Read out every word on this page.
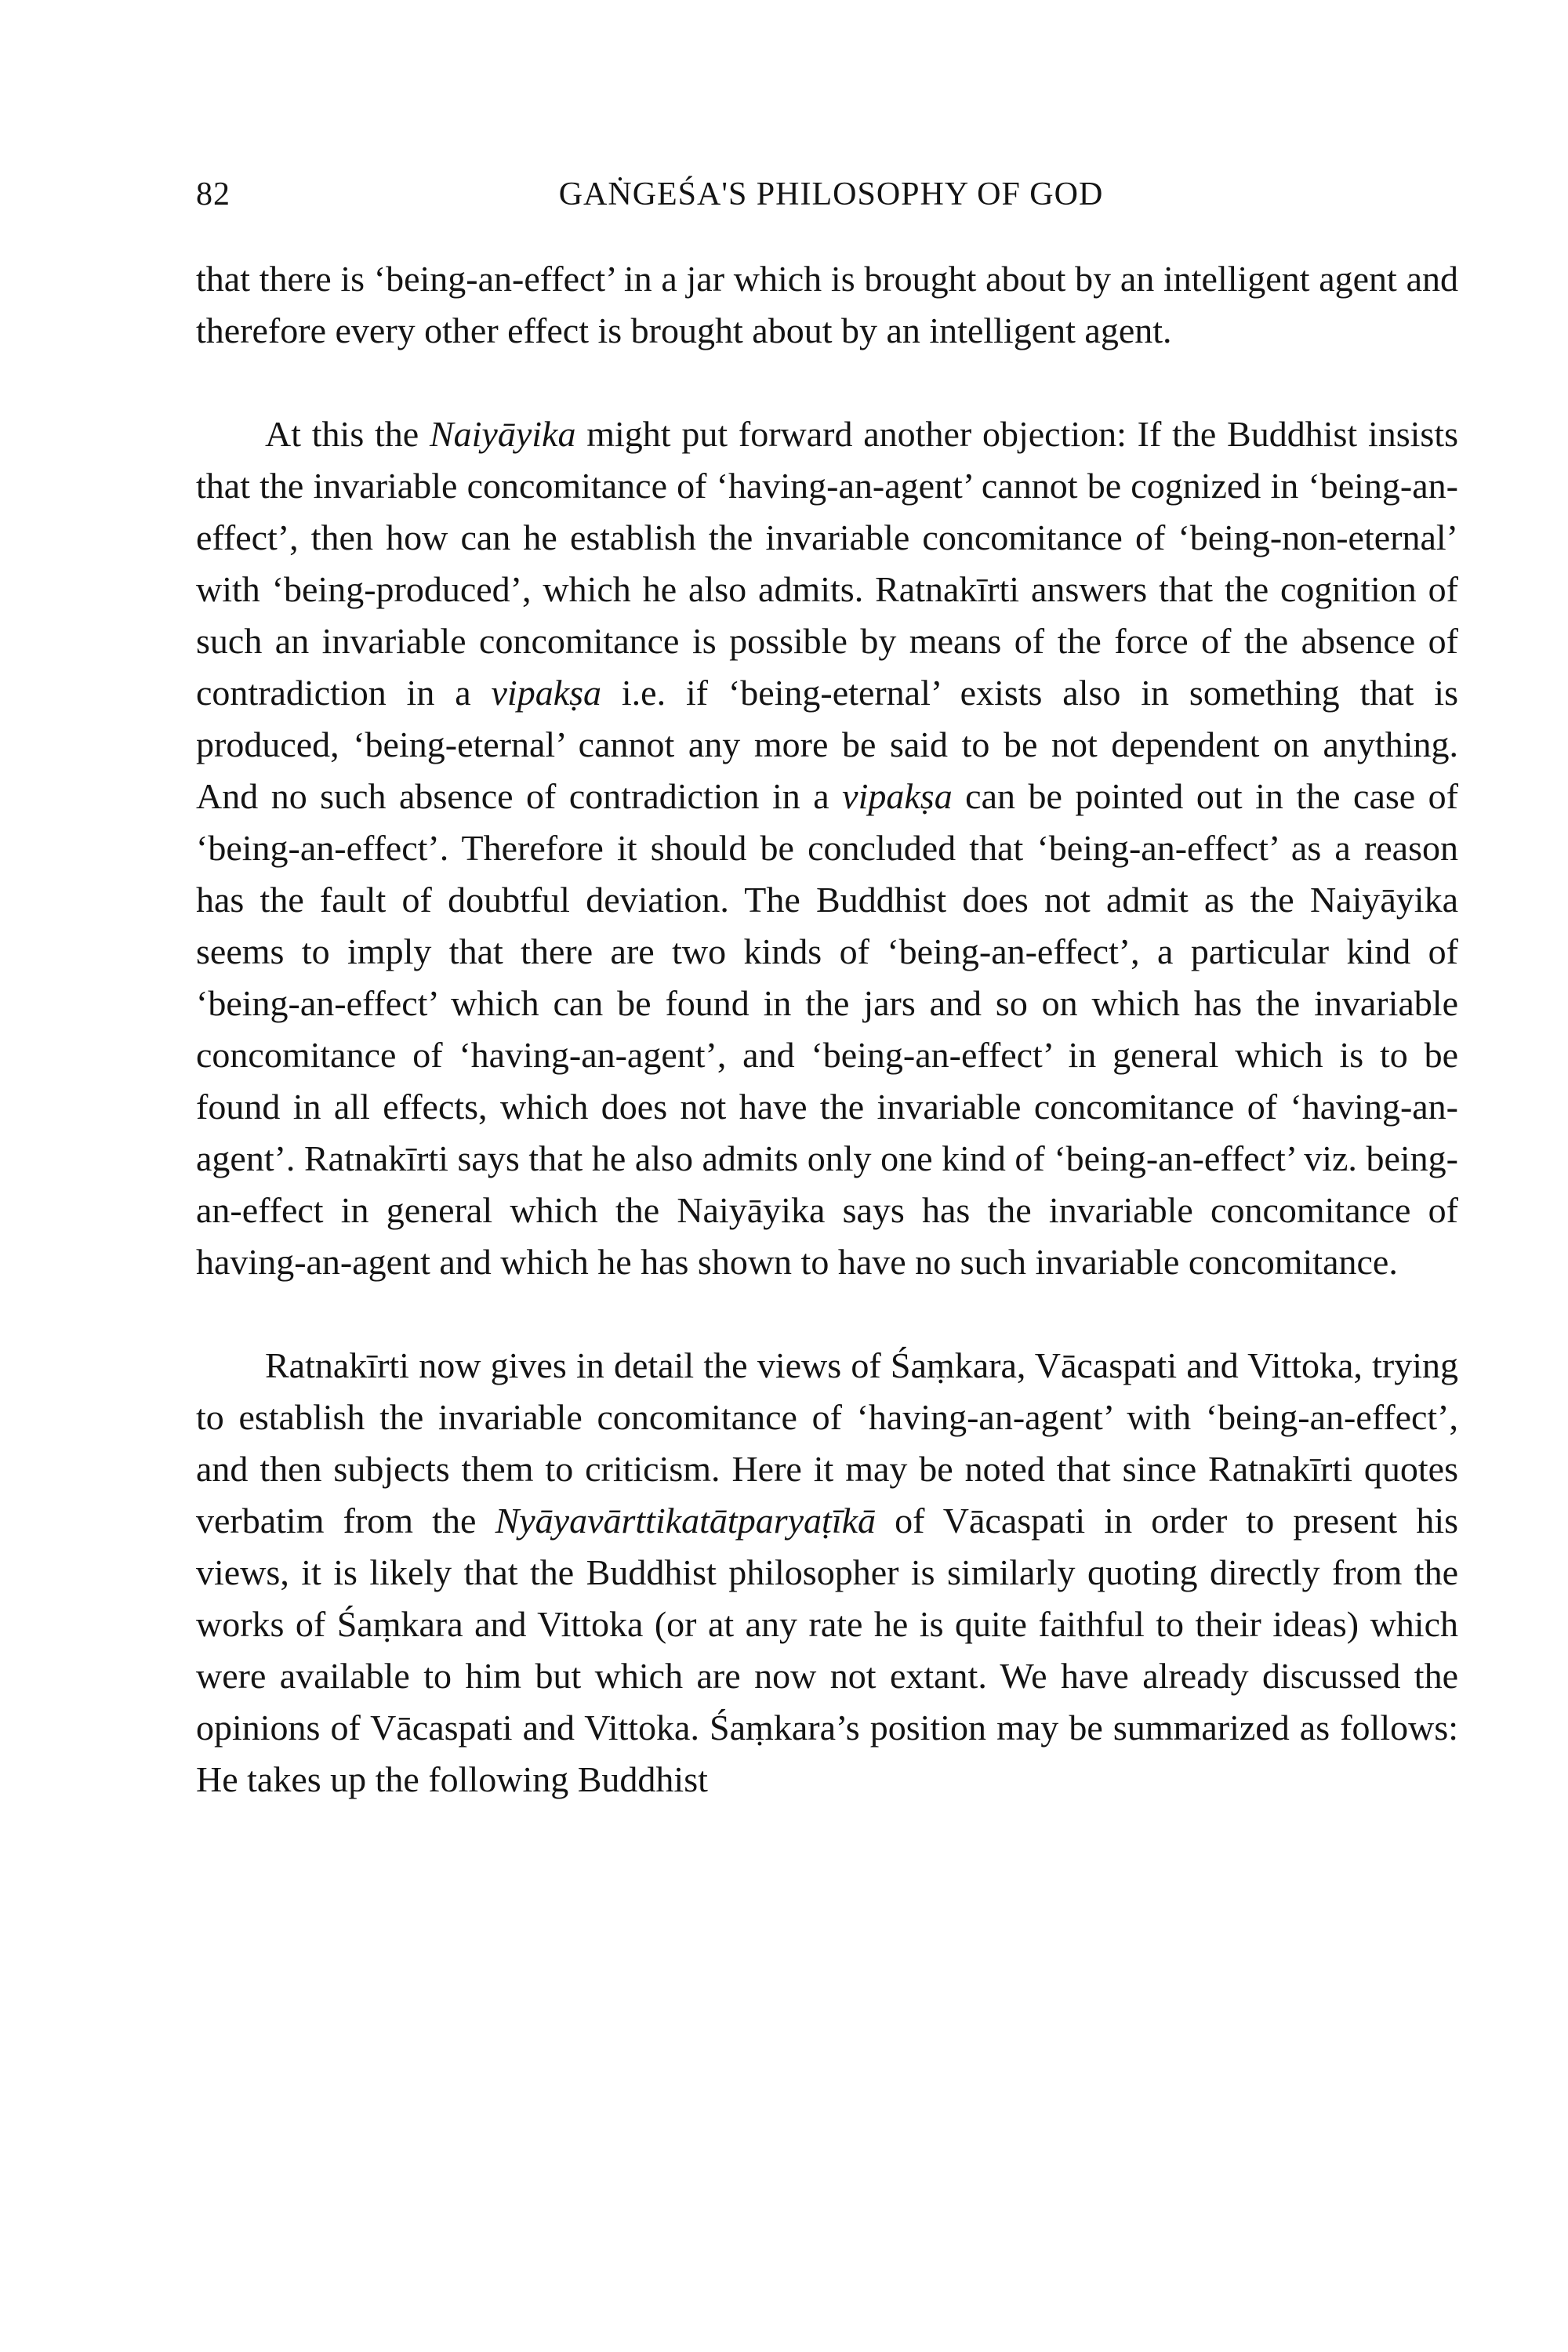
82	GAṄGEŚA'S PHILOSOPHY OF GOD

that there is ‘being-an-effect’ in a jar which is brought about by an intelligent agent and therefore every other effect is brought about by an intelligent agent.

At this the Naiyāyika might put forward another objection: If the Buddhist insists that the invariable concomitance of ‘having-an-agent’ cannot be cognized in ‘being-an-effect’, then how can he establish the invariable concomitance of ‘being-non-eternal’ with ‘being-produced’, which he also admits. Ratnakīrti answers that the cognition of such an invariable concomitance is possible by means of the force of the absence of contradiction in a vipakṣa i.e. if ‘being-eternal’ exists also in something that is produced, ‘being-eternal’ cannot any more be said to be not dependent on anything. And no such absence of contradiction in a vipakṣa can be pointed out in the case of ‘being-an-effect’. Therefore it should be concluded that ‘being-an-effect’ as a reason has the fault of doubtful deviation. The Buddhist does not admit as the Naiyāyika seems to imply that there are two kinds of ‘being-an-effect’, a particular kind of ‘being-an-effect’ which can be found in the jars and so on which has the invariable concomitance of ‘having-an-agent’, and ‘being-an-effect’ in general which is to be found in all effects, which does not have the invariable concomitance of ‘having-an-agent’. Ratnakīrti says that he also admits only one kind of ‘being-an-effect’ viz. being-an-effect in general which the Naiyāyika says has the invariable concomitance of having-an-agent and which he has shown to have no such invariable concomitance.

Ratnakīrti now gives in detail the views of Śaṃkara, Vācaspati and Vittoka, trying to establish the invariable concomitance of ‘having-an-agent’ with ‘being-an-effect’, and then subjects them to criticism. Here it may be noted that since Ratnakīrti quotes verbatim from the Nyāyavārttikatātparyaṭīkā of Vācaspati in order to present his views, it is likely that the Buddhist philosopher is similarly quoting directly from the works of Śaṃkara and Vittoka (or at any rate he is quite faithful to their ideas) which were available to him but which are now not extant. We have already discussed the opinions of Vācaspati and Vittoka. Śaṃkara’s position may be summarized as follows: He takes up the following Buddhist
